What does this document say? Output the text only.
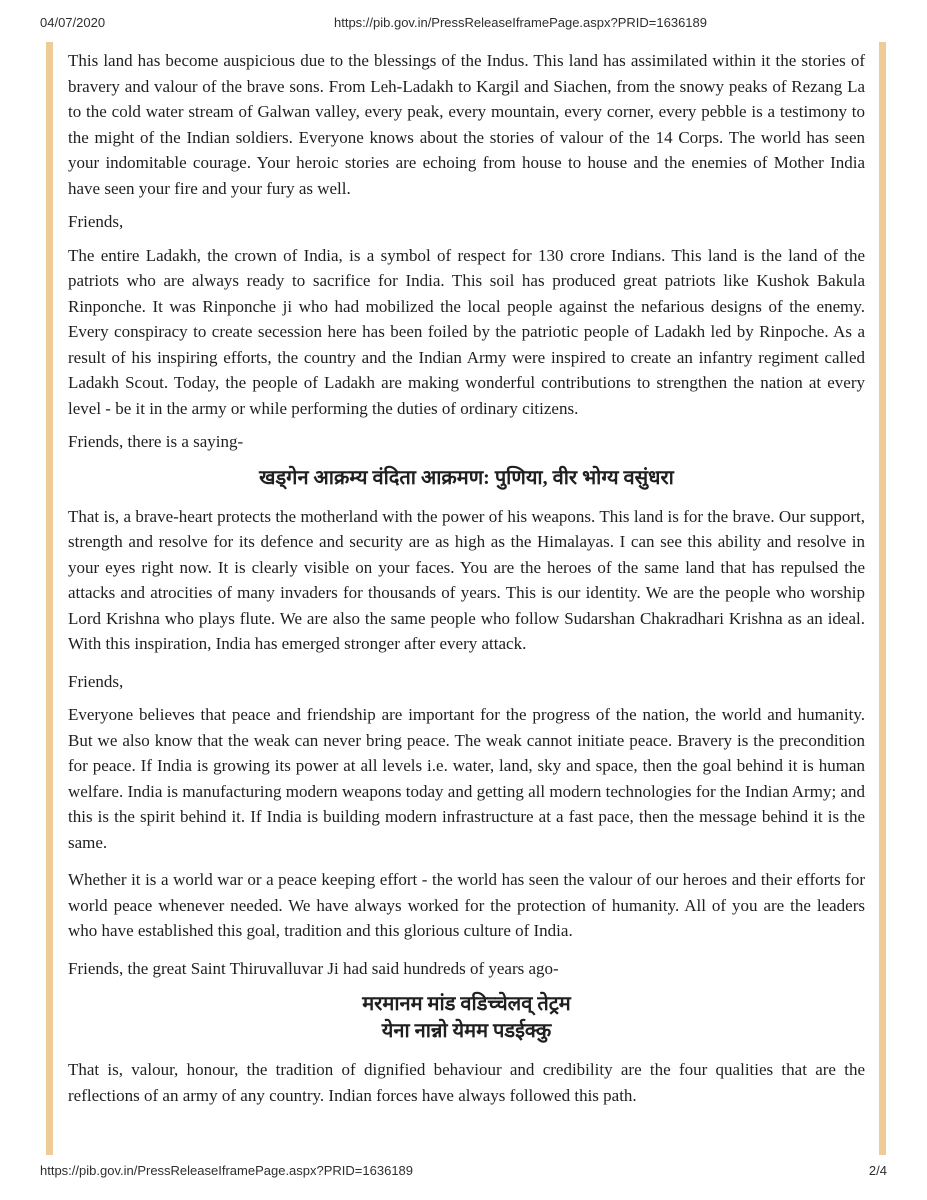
04/07/2020	https://pib.gov.in/PressReleaseIframePage.aspx?PRID=1636189
This land has become auspicious due to the blessings of the Indus. This land has assimilated within it the stories of bravery and valour of the brave sons. From Leh-Ladakh to Kargil and Siachen, from the snowy peaks of Rezang La to the cold water stream of Galwan valley, every peak, every mountain, every corner, every pebble is a testimony to the might of the Indian soldiers. Everyone knows about the stories of valour of the 14 Corps. The world has seen your indomitable courage. Your heroic stories are echoing from house to house and the enemies of Mother India have seen your fire and your fury as well.
Friends,
The entire Ladakh, the crown of India, is a symbol of respect for 130 crore Indians. This land is the land of the patriots who are always ready to sacrifice for India. This soil has produced great patriots like Kushok Bakula Rinponche. It was Rinponche ji who had mobilized the local people against the nefarious designs of the enemy. Every conspiracy to create secession here has been foiled by the patriotic people of Ladakh led by Rinpoche. As a result of his inspiring efforts, the country and the Indian Army were inspired to create an infantry regiment called Ladakh Scout. Today, the people of Ladakh are making wonderful contributions to strengthen the nation at every level - be it in the army or while performing the duties of ordinary citizens.
Friends, there is a saying-
खड्गेन आक्रम्य वंदिता आक्रमण: पुणिया, वीर भोग्य वसुंधरा
That is, a brave-heart protects the motherland with the power of his weapons. This land is for the brave. Our support, strength and resolve for its defence and security are as high as the Himalayas. I can see this ability and resolve in your eyes right now. It is clearly visible on your faces. You are the heroes of the same land that has repulsed the attacks and atrocities of many invaders for thousands of years. This is our identity. We are the people who worship Lord Krishna who plays flute. We are also the same people who follow Sudarshan Chakradhari Krishna as an ideal. With this inspiration, India has emerged stronger after every attack.
Friends,
Everyone believes that peace and friendship are important for the progress of the nation, the world and humanity. But we also know that the weak can never bring peace. The weak cannot initiate peace. Bravery is the precondition for peace. If India is growing its power at all levels i.e. water, land, sky and space, then the goal behind it is human welfare. India is manufacturing modern weapons today and getting all modern technologies for the Indian Army; and this is the spirit behind it. If India is building modern infrastructure at a fast pace, then the message behind it is the same.
Whether it is a world war or a peace keeping effort - the world has seen the valour of our heroes and their efforts for world peace whenever needed. We have always worked for the protection of humanity. All of you are the leaders who have established this goal, tradition and this glorious culture of India.
Friends, the great Saint Thiruvalluvar Ji had said hundreds of years ago-
मरमानम मांड वडिच्चेलव् तेट्रम
येना नान्नो येमम पडईक्कु
That is, valour, honour, the tradition of dignified behaviour and credibility are the four qualities that are the reflections of an army of any country. Indian forces have always followed this path.
https://pib.gov.in/PressReleaseIframePage.aspx?PRID=1636189	2/4
